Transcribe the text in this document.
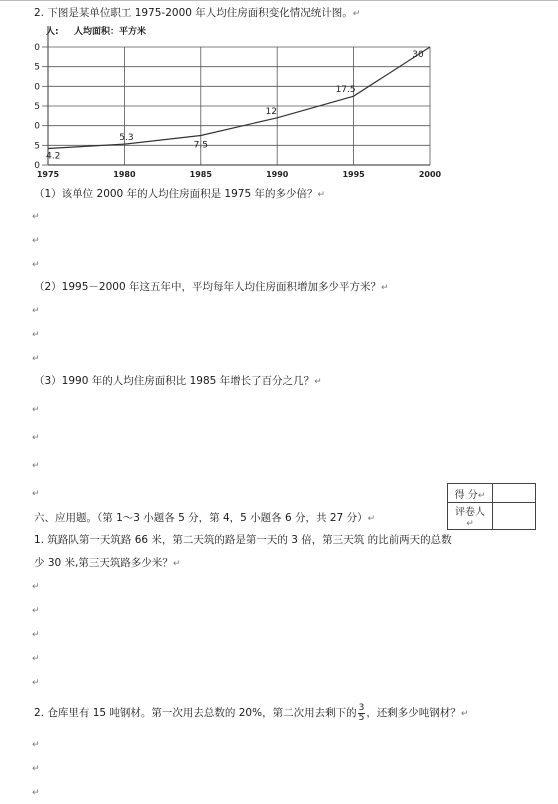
2. 下图是某单位职工 1975-2000 年人均住房面积变化情况统计图。↵
0
5
0
5
0
5
0
1975	1980	1985	1990	1995	2000
4.2
5.3
7.5
12
17.5
30
人: 人均面积：平方米
（1）该单位 2000 年的人均住房面积是 1975 年的多少倍？↵
↵
↵
↵
（2）1995－2000 年这五年中，平均每年人均住房面积增加多少平方米？↵
↵
↵
↵
（3）1990 年的人均住房面积比 1985 年增长了百分之几？↵
↵
↵
↵
↵	得 分↵	
评卷人↵	
六、应用题。（第 1～3 小题各 5 分，第 4，5 小题各 6 分，共 27 分）↵
1. 筑路队第一天筑路 66 米，第二天筑的路是第一天的 3 倍，第三天筑 的比前两天的总数
少 30 米,第三天筑路多少米？↵
↵
↵
↵
↵
↵
2. 仓库里有 15 吨钢材。第一次用去总数的 20%，第二次用去剩下的 $\frac{3}{5}$ ，还剩多少吨钢材？↵
↵
↵
↵
